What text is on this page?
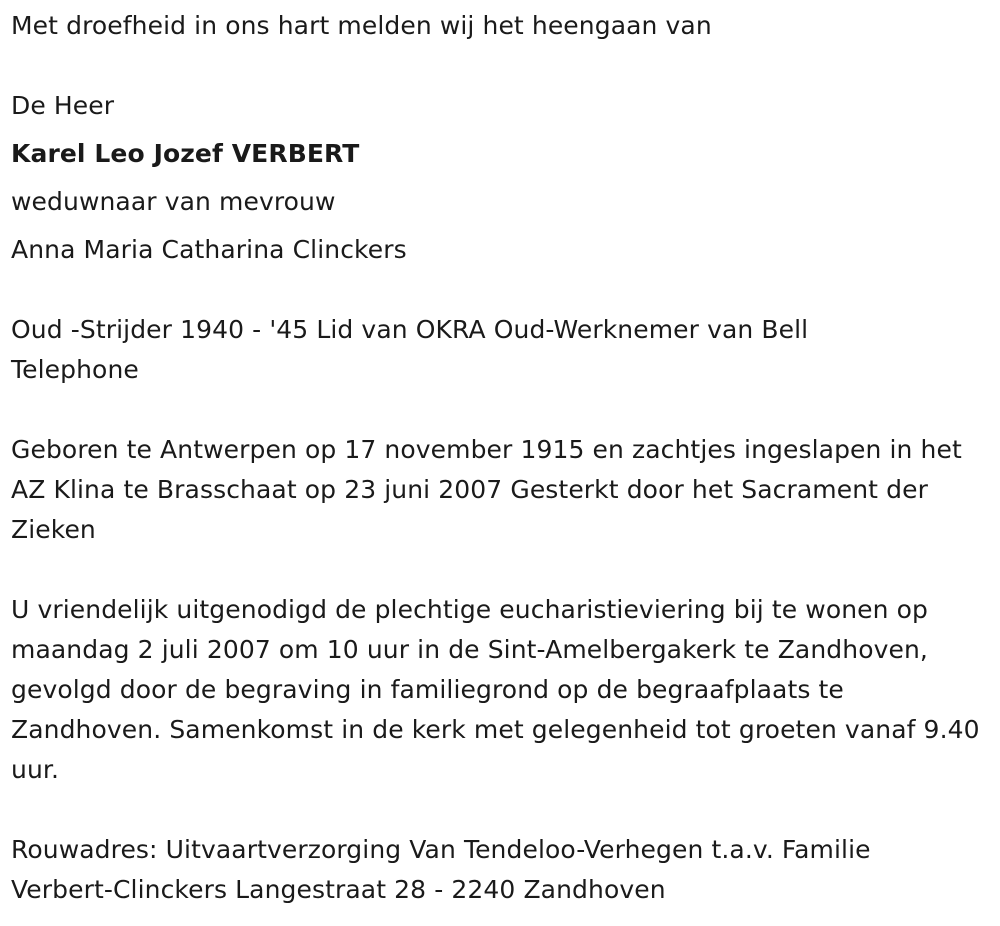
Met droefheid in ons hart melden wij het heengaan van
De Heer
Karel Leo Jozef VERBERT
weduwnaar van mevrouw
Anna Maria Catharina Clinckers
Oud -Strijder 1940 - '45 Lid van OKRA Oud-Werknemer van Bell Telephone
Geboren te Antwerpen op 17 november 1915 en zachtjes ingeslapen in het AZ Klina te Brasschaat op 23 juni 2007 Gesterkt door het Sacrament der Zieken
U vriendelijk uitgenodigd de plechtige eucharistieviering bij te wonen op maandag 2 juli 2007 om 10 uur in de Sint-Amelbergakerk te Zandhoven, gevolgd door de begraving in familiegrond op de begraafplaats te Zandhoven. Samenkomst in de kerk met gelegenheid tot groeten vanaf 9.40 uur.
Rouwadres: Uitvaartverzorging Van Tendeloo-Verhegen t.a.v. Familie Verbert-Clinckers Langestraat 28 - 2240 Zandhoven
